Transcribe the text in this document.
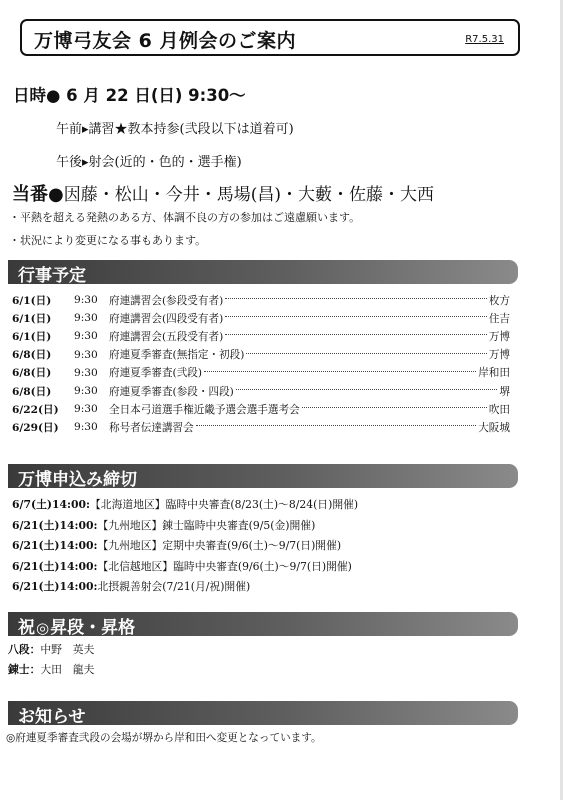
万博弓友会 6 月例会のご案内	R7.5.31
日時● 6 月 22 日(日) 9:30〜
午前▸講習★教本持参(弐段以下は道着可)
午後▸射会(近的・色的・選手権)
当番●因藤・松山・今井・馬場(昌)・大藪・佐藤・大西
・平熱を超える発熱のある方、体調不良の方の参加はご遠慮願います。
・状況により変更になる事もあります。
行事予定
6/1(日)	9:30	府連講習会(参段受有者)	枚方
6/1(日)	9:30	府連講習会(四段受有者)	住吉
6/1(日)	9:30	府連講習会(五段受有者)	万博
6/8(日)	9:30	府連夏季審査(無指定・初段)	万博
6/8(日)	9:30	府連夏季審査(弐段)	岸和田
6/8(日)	9:30	府連夏季審査(参段・四段)	堺
6/22(日)	9:30	全日本弓道選手権近畿予選会選手選考会	吹田
6/29(日)	9:30	称号者伝達講習会	大阪城
万博申込み締切
6/7(土)14:00:【北海道地区】臨時中央審査(8/23(土)〜8/24(日)開催)
6/21(土)14:00:【九州地区】錬士臨時中央審査(9/5(金)開催)
6/21(土)14:00:【九州地区】定期中央審査(9/6(土)〜9/7(日)開催)
6/21(土)14:00:【北信越地区】臨時中央審査(9/6(土)〜9/7(日)開催)
6/21(土)14:00:北摂親善射会(7/21(月/祝)開催)
祝◎昇段・昇格
八段：中野　英夫
錬士：大田　龍夫
お知らせ
◎府連夏季審査弐段の会場が堺から岸和田へ変更となっています。
